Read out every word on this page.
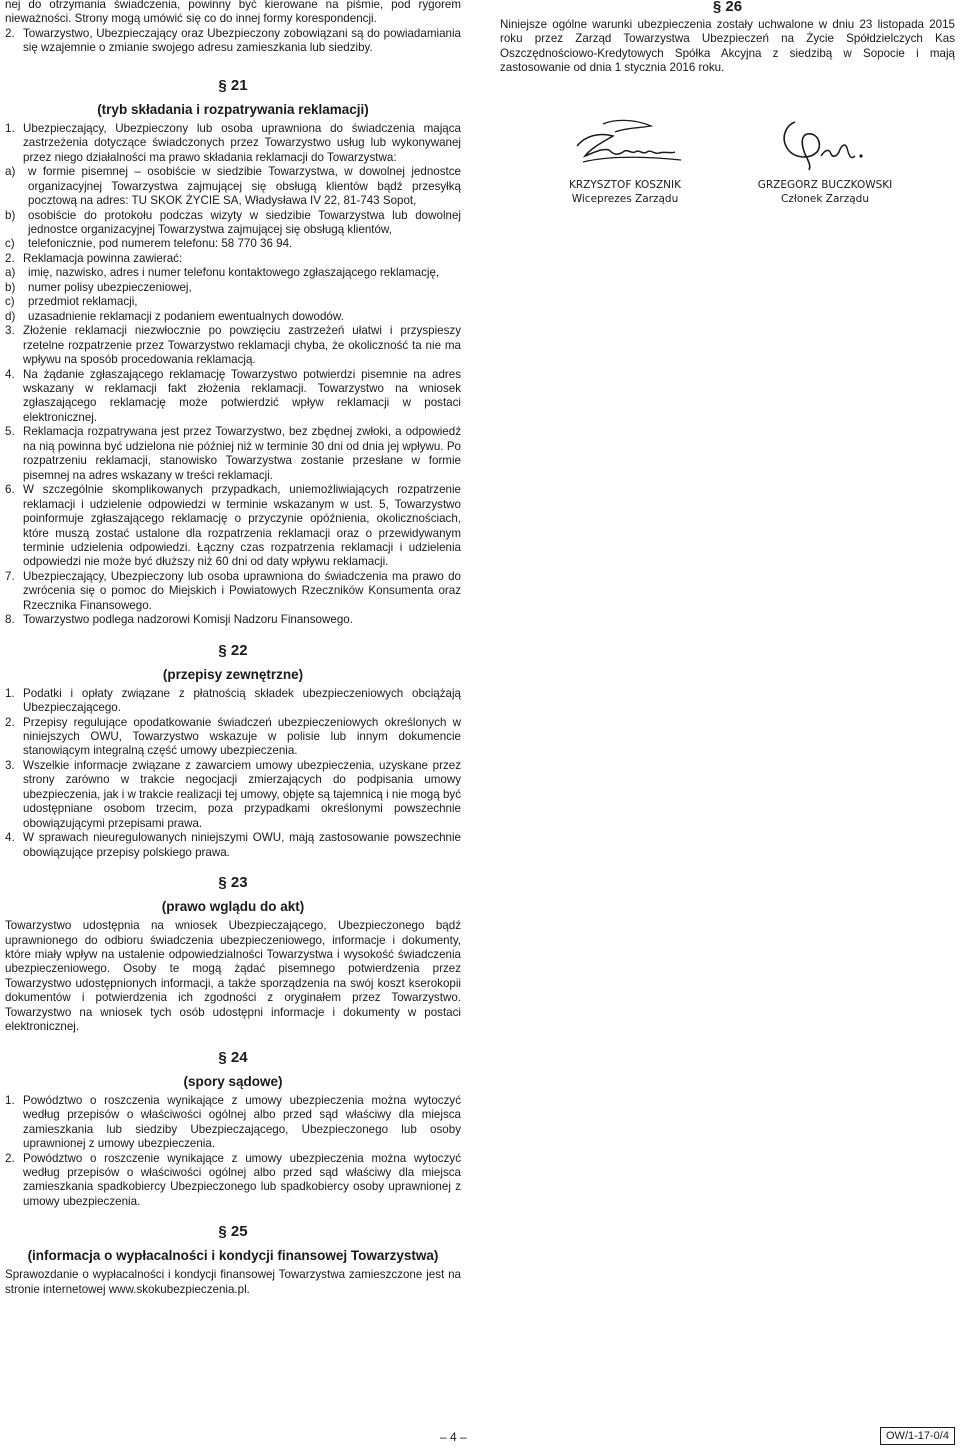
nej do otrzymania świadczenia, powinny być kierowane na piśmie, pod rygorem nieważności. Strony mogą umówić się co do innej formy korespondencji.

2. Towarzystwo, Ubezpieczający oraz Ubezpieczony zobowiązani są do powiadamiania się wzajemnie o zmianie swojego adresu zamieszkania lub siedziby.

§ 21

(tryb składania i rozpatrywania reklamacji)

1. Ubezpieczający, Ubezpieczony lub osoba uprawniona do świadczenia mająca zastrzeżenia dotyczące świadczonych przez Towarzystwo usług lub wykonywanej przez niego działalności ma prawo składania reklamacji do Towarzystwa:
a) w formie pisemnej – osobiście w siedzibie Towarzystwa, w dowolnej jednostce organizacyjnej Towarzystwa zajmującej się obsługą klientów bądź przesyłką pocztową na adres: TU SKOK ŻYCIE SA, Władysława IV 22, 81-743 Sopot,
b) osobiście do protokołu podczas wizyty w siedzibie Towarzystwa lub dowolnej jednostce organizacyjnej Towarzystwa zajmującej się obsługą klientów,
c) telefonicznie, pod numerem telefonu: 58 770 36 94.
2. Reklamacja powinna zawierać:
a) imię, nazwisko, adres i numer telefonu kontaktowego zgłaszającego reklamację,
b) numer polisy ubezpieczeniowej,
c) przedmiot reklamacji,
d) uzasadnienie reklamacji z podaniem ewentualnych dowodów.
3. Złożenie reklamacji niezwłocznie po powzięciu zastrzeżeń ułatwi i przyspieszy rzetelne rozpatrzenie przez Towarzystwo reklamacji chyba, że okoliczność ta nie ma wpływu na sposób procedowania reklamacją.
4. Na żądanie zgłaszającego reklamację Towarzystwo potwierdzi pisemnie na adres wskazany w reklamacji fakt złożenia reklamacji. Towarzystwo na wniosek zgłaszającego reklamację może potwierdzić wpływ reklamacji w postaci elektronicznej.
5. Reklamacja rozpatrywana jest przez Towarzystwo, bez zbędnej zwłoki, a odpowiedź na nią powinna być udzielona nie później niż w terminie 30 dni od dnia jej wpływu. Po rozpatrzeniu reklamacji, stanowisko Towarzystwa zostanie przesłane w formie pisemnej na adres wskazany w treści reklamacji.
6. W szczególnie skomplikowanych przypadkach, uniemożliwiających rozpatrzenie reklamacji i udzielenie odpowiedzi w terminie wskazanym w ust. 5, Towarzystwo poinformuje zgłaszającego reklamację o przyczynie opóźnienia, okolicznościach, które muszą zostać ustalone dla rozpatrzenia reklamacji oraz o przewidywanym terminie udzielenia odpowiedzi. Łączny czas rozpatrzenia reklamacji i udzielenia odpowiedzi nie może być dłuższy niż 60 dni od daty wpływu reklamacji.
7. Ubezpieczający, Ubezpieczony lub osoba uprawniona do świadczenia ma prawo do zwrócenia się o pomoc do Miejskich i Powiatowych Rzeczników Konsumenta oraz Rzecznika Finansowego.
8. Towarzystwo podlega nadzorowi Komisji Nadzoru Finansowego.

§ 22

(przepisy zewnętrzne)

1. Podatki i opłaty związane z płatnością składek ubezpieczeniowych obciążają Ubezpieczającego.
2. Przepisy regulujące opodatkowanie świadczeń ubezpieczeniowych określonych w niniejszych OWU, Towarzystwo wskazuje w polisie lub innym dokumencie stanowiącym integralną część umowy ubezpieczenia.
3. Wszelkie informacje związane z zawarciem umowy ubezpieczenia, uzyskane przez strony zarówno w trakcie negocjacji zmierzających do podpisania umowy ubezpieczenia, jak i w trakcie realizacji tej umowy, objęte są tajemnicą i nie mogą być udostępniane osobom trzecim, poza przypadkami określonymi powszechnie obowiązującymi przepisami prawa.
4. W sprawach nieuregulowanych niniejszymi OWU, mają zastosowanie powszechnie obowiązujące przepisy polskiego prawa.

§ 23

(prawo wglądu do akt)

Towarzystwo udostępnia na wniosek Ubezpieczającego, Ubezpieczonego bądź uprawnionego do odbioru świadczenia ubezpieczeniowego, informacje i dokumenty, które miały wpływ na ustalenie odpowiedzialności Towarzystwa i wysokość świadczenia ubezpieczeniowego. Osoby te mogą żądać pisemnego potwierdzenia przez Towarzystwo udostępnionych informacji, a także sporządzenia na swój koszt kserokopii dokumentów i potwierdzenia ich zgodności z oryginałem przez Towarzystwo. Towarzystwo na wniosek tych osób udostępni informacje i dokumenty w postaci elektronicznej.

§ 24

(spory sądowe)

1. Powództwo o roszczenia wynikające z umowy ubezpieczenia można wytoczyć według przepisów o właściwości ogólnej albo przed sąd właściwy dla miejsca zamieszkania lub siedziby Ubezpieczającego, Ubezpieczonego lub osoby uprawnionej z umowy ubezpieczenia.
2. Powództwo o roszczenie wynikające z umowy ubezpieczenia można wytoczyć według przepisów o właściwości ogólnej albo przed sąd właściwy dla miejsca zamieszkania spadkobiercy Ubezpieczonego lub spadkobiercy osoby uprawnionej z umowy ubezpieczenia.

§ 25

(informacja o wypłacalności i kondycji finansowej Towarzystwa)

Sprawozdanie o wypłacalności i kondycji finansowej Towarzystwa zamieszczone jest na stronie internetowej www.skokubezpieczenia.pl.

§ 26

Niniejsze ogólne warunki ubezpieczenia zostały uchwalone w dniu 23 listopada 2015 roku przez Zarząd Towarzystwa Ubezpieczeń na Życie Spółdzielczych Kas Oszczędnościowo-Kredytowych Spółka Akcyjna z siedzibą w Sopocie i mają zastosowanie od dnia 1 stycznia 2016 roku.

KRZYSZTOF KOSZNIK
Wiceprezes Zarządu
GRZEGORZ BUCZKOWSKI
Członek Zarządu
– 4 –	OW/1-17-0/4
